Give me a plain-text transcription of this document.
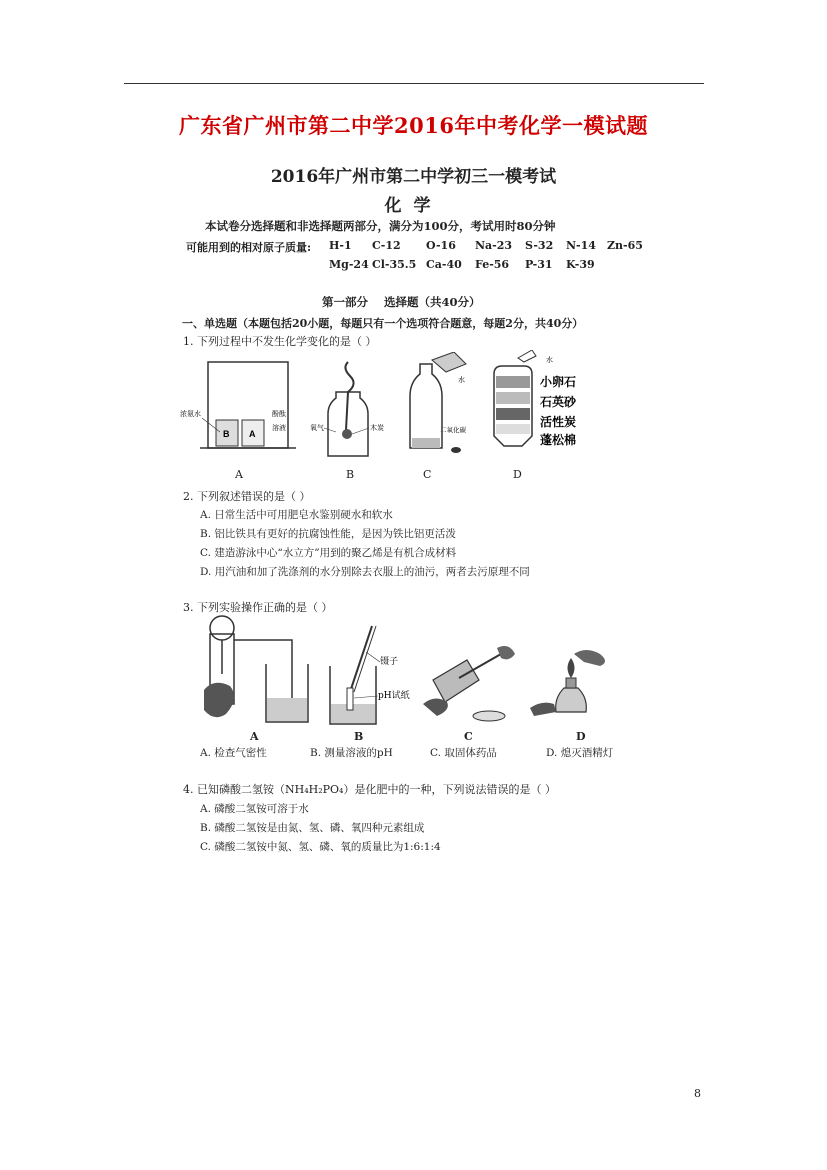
广东省广州市第二中学2016年中考化学一模试题
2016年广州市第二中学初三一模考试
化学
本试卷分选择题和非选择题两部分，满分为100分，考试用时80分钟
可能用到的相对原子质量: H-1 C-12 O-16 Na-23 S-32 N-14 Zn-65
Mg-24 Cl-35.5 Ca-40 Fe-56 P-31 K-39
第一部分    选择题（共40分）
一、单选题（本题包括20小题，每题只有一个选项符合题意，每题2分，共40分）
1. 下列过程中不发生化学变化的是（ ）
B A
浓氨水	酚酞
溶液	氧气	木炭
水
二氧化碳
水
小卵石
石英砂
活性炭
蓬松棉
A	B	C	D
2. 下列叙述错误的是（ ）
A. 日常生活中可用肥皂水鉴别硬水和软水
B. 铝比铁具有更好的抗腐蚀性能，是因为铁比铝更活泼
C. 建造游泳中心“水立方”用到的聚乙烯是有机合成材料
D. 用汽油和加了洗涤剂的水分别除去衣服上的油污，两者去污原理不同
3. 下列实验操作正确的是（ ）
镊子
pH试纸
A	B	C	D
A. 检查气密性	B. 测量溶液的pH	C. 取固体药品	D. 熄灭酒精灯
4. 已知磷酸二氢铵（NH₄H₂PO₄）是化肥中的一种，下列说法错误的是（ ）
A. 磷酸二氢铵可溶于水
B. 磷酸二氢铵是由氮、氢、磷、氧四种元素组成
C. 磷酸二氢铵中氮、氢、磷、氧的质量比为1:6:1:4
8
